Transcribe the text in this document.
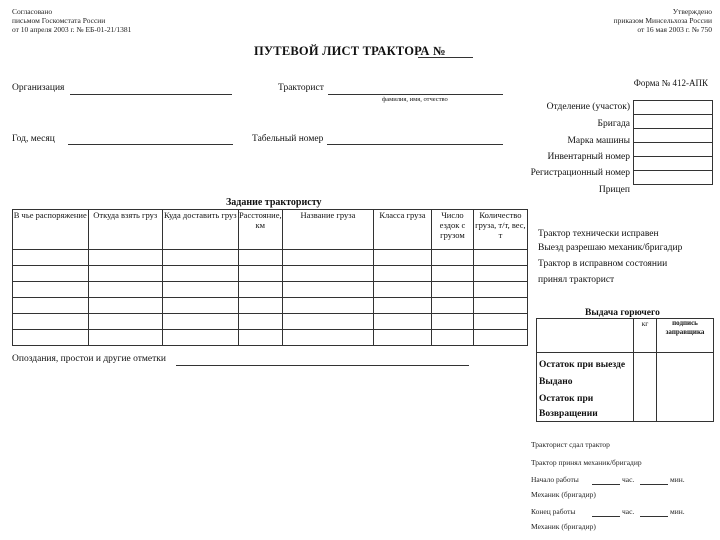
Согласовано
письмом Госкомстата России
от 10 апреля 2003 г. № ЕБ-01-21/1381
Утверждено
приказом Минсельхоза России
от 16 мая 2003 г. № 750
ПУТЕВОЙ ЛИСТ ТРАКТОРА №
Форма № 412-АПК
Организация	Тракторист
фамилия, имя, отчество
Год, месяц	Табельный номер
Отделение (участок)
Бригада
Марка машины
Инвентарный номер
Регистрационный номер
Прицеп

Задание трактористу
В чье распоряжение	Откуда взять груз	Куда доставить груз	Расстояние, км	Название груза	Класса груза	Число ездок с грузом	Количество груза, т/т, вес, т

Опоздания, простои и другие отметки
Трактор технически исправен
Выезд разрешаю механик/бригадир
Трактор в исправном состоянии
принял тракторист
Выдача горючего
	кг	подпись заправщика

Остаток при выезде
Выдано
Остаток при
Возвращении		

Тракторист сдал трактор
Трактор принял механик/бригадир
Начало работы	час.	мин.
Механик (бригадир)
Конец работы	час.	мин.
Механик (бригадир)
